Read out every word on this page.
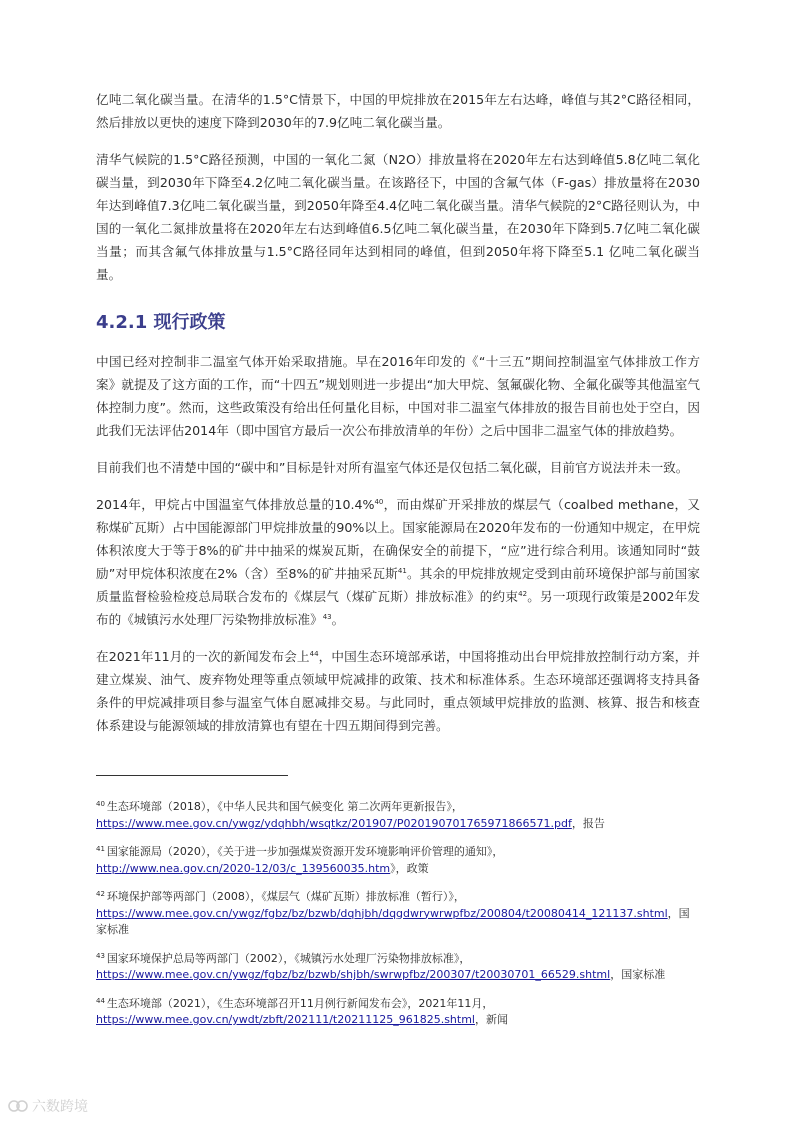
亿吨二氧化碳当量。在清华的1.5°C情景下，中国的甲烷排放在2015年左右达峰，峰值与其2°C路径相同，然后排放以更快的速度下降到2030年的7.9亿吨二氧化碳当量。

清华气候院的1.5°C路径预测，中国的一氧化二氮（N2O）排放量将在2020年左右达到峰值5.8亿吨二氧化碳当量，到2030年下降至4.2亿吨二氧化碳当量。在该路径下，中国的含氟气体（F-gas）排放量将在2030年达到峰值7.3亿吨二氧化碳当量，到2050年降至4.4亿吨二氧化碳当量。清华气候院的2°C路径则认为，中国的一氧化二氮排放量将在2020年左右达到峰值6.5亿吨二氧化碳当量，在2030年下降到5.7亿吨二氧化碳当量；而其含氟气体排放量与1.5°C路径同年达到相同的峰值，但到2050年将下降至5.1 亿吨二氧化碳当量。

4.2.1 现行政策

中国已经对控制非二温室气体开始采取措施。早在2016年印发的《“十三五”期间控制温室气体排放工作方案》就提及了这方面的工作，而“十四五”规划则进一步提出“加大甲烷、氢氟碳化物、全氟化碳等其他温室气体控制力度”。然而，这些政策没有给出任何量化目标，中国对非二温室气体排放的报告目前也处于空白，因此我们无法评估2014年（即中国官方最后一次公布排放清单的年份）之后中国非二温室气体的排放趋势。

目前我们也不清楚中国的“碳中和”目标是针对所有温室气体还是仅包括二氧化碳，目前官方说法并未一致。

2014年，甲烷占中国温室气体排放总量的10.4%$^{40}$，而由煤矿开采排放的煤层气（coalbed methane，又称煤矿瓦斯）占中国能源部门甲烷排放量的90%以上。国家能源局在2020年发布的一份通知中规定，在甲烷体积浓度大于等于8%的矿井中抽采的煤炭瓦斯，在确保安全的前提下，“应”进行综合利用。该通知同时“鼓励”对甲烷体积浓度在2%（含）至8%的矿井抽采瓦斯$^{41}$。其余的甲烷排放规定受到由前环境保护部与前国家质量监督检验检疫总局联合发布的《煤层气（煤矿瓦斯）排放标准》的约束$^{42}$。另一项现行政策是2002年发布的《城镇污水处理厂污染物排放标准》$^{43}$。

在2021年11月的一次的新闻发布会上$^{44}$，中国生态环境部承诺，中国将推动出台甲烷排放控制行动方案，并建立煤炭、油气、废弃物处理等重点领域甲烷减排的政策、技术和标准体系。生态环境部还强调将支持具备条件的甲烷减排项目参与温室气体自愿减排交易。与此同时，重点领域甲烷排放的监测、核算、报告和核查体系建设与能源领域的排放清算也有望在十四五期间得到完善。

$^{40}$ 生态环境部（2018），《中华人民共和国气候变化 第二次两年更新报告》，
https://www.mee.gov.cn/ywgz/ydqhbh/wsqtkz/201907/P020190701765971866571.pdf，报告

$^{41}$ 国家能源局（2020），《关于进一步加强煤炭资源开发环境影响评价管理的通知》，
http://www.nea.gov.cn/2020-12/03/c_139560035.htm》，政策

$^{42}$ 环境保护部等两部门（2008），《煤层气（煤矿瓦斯）排放标准（暂行）》，
https://www.mee.gov.cn/ywgz/fgbz/bz/bzwb/dqhjbh/dqgdwrywrwpfbz/200804/t20080414_121137.shtml，国家标准

$^{43}$ 国家环境保护总局等两部门（2002），《城镇污水处理厂污染物排放标准》，
https://www.mee.gov.cn/ywgz/fgbz/bz/bzwb/shjbh/swrwpfbz/200307/t20030701_66529.shtml，国家标准

$^{44}$ 生态环境部（2021），《生态环境部召开11月例行新闻发布会》，2021年11月，
https://www.mee.gov.cn/ywdt/zbft/202111/t20211125_961825.shtml，新闻

六数跨境
